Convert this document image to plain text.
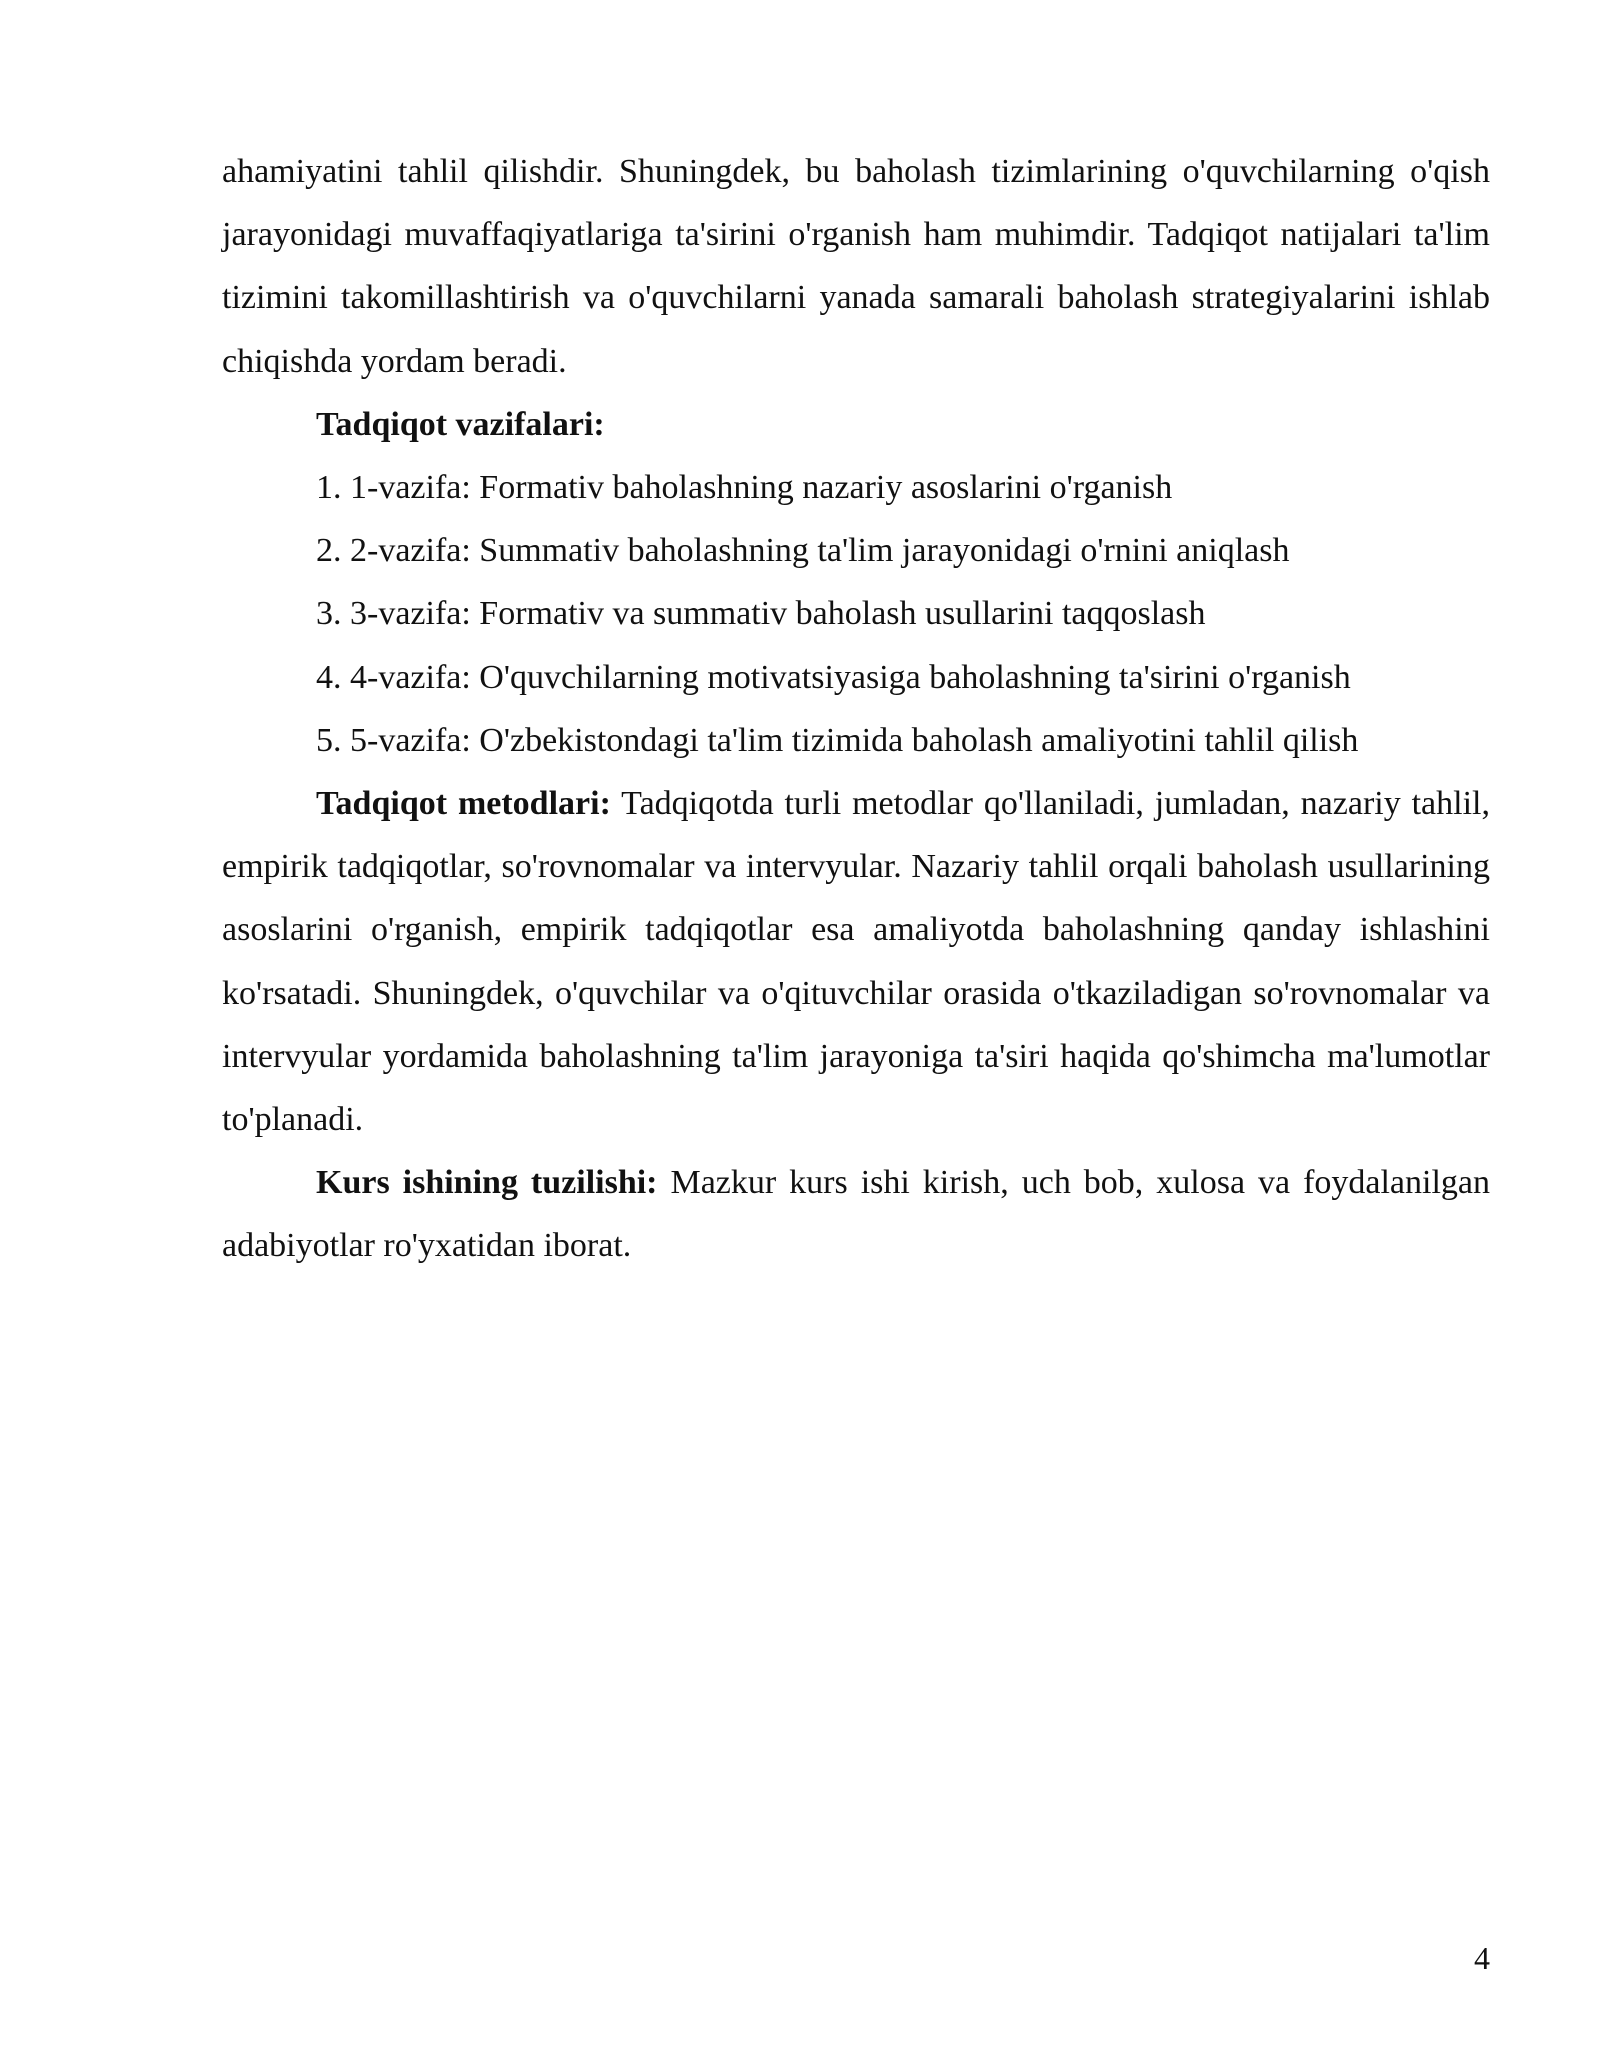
ahamiyatini tahlil qilishdir. Shuningdek, bu baholash tizimlarining o'quvchilarning o'qish jarayonidagi muvaffaqiyatlariga ta'sirini o'rganish ham muhimdir. Tadqiqot natijalari ta'lim tizimini takomillashtirish va o'quvchilarni yanada samarali baholash strategiyalarini ishlab chiqishda yordam beradi.

Tadqiqot vazifalari:

1. 1-vazifa: Formativ baholashning nazariy asoslarini o'rganish
2. 2-vazifa: Summativ baholashning ta'lim jarayonidagi o'rnini aniqlash
3. 3-vazifa: Formativ va summativ baholash usullarini taqqoslash
4. 4-vazifa: O'quvchilarning motivatsiyasiga baholashning ta'sirini o'rganish
5. 5-vazifa: O'zbekistondagi ta'lim tizimida baholash amaliyotini tahlil qilish

Tadqiqot metodlari: Tadqiqotda turli metodlar qo'llaniladi, jumladan, nazariy tahlil, empirik tadqiqotlar, so'rovnomalar va intervyular. Nazariy tahlil orqali baholash usullarining asoslarini o'rganish, empirik tadqiqotlar esa amaliyotda baholashning qanday ishlashini ko'rsatadi. Shuningdek, o'quvchilar va o'qituvchilar orasida o'tkaziladigan so'rovnomalar va intervyular yordamida baholashning ta'lim jarayoniga ta'siri haqida qo'shimcha ma'lumotlar to'planadi.

Kurs ishining tuzilishi: Mazkur kurs ishi kirish, uch bob, xulosa va foydalanilgan adabiyotlar ro'yxatidan iborat.

4
